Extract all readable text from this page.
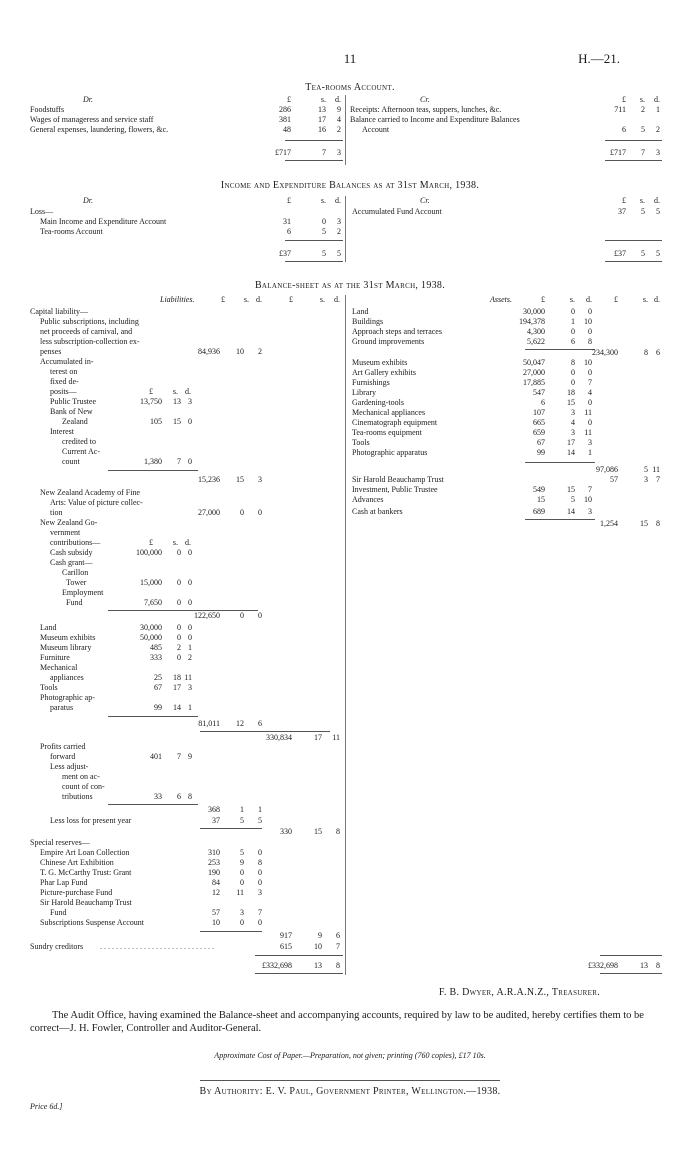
11	H.—21.
Tea-rooms Account.
Dr.	£	s. d.	Cr.	£ s. d.
Foodstuffs	286	13 9
Wages of manageress and service staff	381	17 4
General expenses, laundering, flowers, &c.	48	16 2
Receipts: Afternoon teas, suppers, lunches, &c.	711 2 1
Balance carried to Income and Expenditure Balances
Account	6 5 2
£717	7 3	£717 7 3
Income and Expenditure Balances as at 31st March, 1938.
Dr.	£	s. d.	Cr.	£ s. d.
Loss—
Main Income and Expenditure Account	31	0 3
Tea-rooms Account	6	5 2
Accumulated Fund Account	37 5 5
£37	5 5	£37 5 5
Balance-sheet as at the 31st March, 1938.
Liabilities.	Assets.
£ s. d.	£	s. d.	£	s. d.	£	s. d.
Capital liability—
Public subscriptions, including
net proceeds of carnival, and
less subscription-collection ex-
penses	84,936 10 2
Accumulated in-
terest on
fixed de-
posits—	£ s. d.
Public Trustee	13,750 13 3
Bank of New
Zealand	105 15 0
Interest
credited to
Current Ac-
count	1,380 7 0
15,236 15 3
New Zealand Academy of Fine
Arts: Value of picture collec-
tion	27,000	0 0
New Zealand Go-
vernment
contributions—	£ s. d.
Cash subsidy	100,000 0 0
Cash grant—
Carillon
Tower	15,000 0 0
Employment
Fund	7,650 0 0
122,650	0 0
Land	30,000 0 0
Museum exhibits	50,000 0 0
Museum library	485 2 1
Furniture	333 0 2
Mechanical
appliances	25 18 11
Tools	67 17 3
Photographic ap-
paratus	99 14 1
81,011 12 6
330,834	17 11
Profits carried
forward	401 7 9
Less adjust-
ment on ac-
count of con-
tributions	33 6 8
368	1 1
Less loss for present year	37	5 5
330	15 8
Special reserves—
Empire Art Loan Collection	310	5 0
Chinese Art Exhibition	253	9 8
T. G. McCarthy Trust: Grant	190	0 0
Phar Lap Fund	84	0 0
Picture-purchase Fund	12 11 3
Sir Harold Beauchamp Trust
Fund	57	3 7
Subscriptions Suspense Account	10	0 0
917	9 6
Sundry creditors . . . . . . . . . . . . . . . . . . . . . . . . . . . . .	615	10 7
£332,698	13 8
Land	30,000	0 0
Buildings	194,378	1 10
Approach steps and terraces	4,300	0 0
Ground improvements	5,622	6 8
234,300	8 6
Museum exhibits	50,047	8 10
Art Gallery exhibits	27,000	0 0
Furnishings	17,885	0 7
Library	547	18 4
Gardening-tools	6	15 0
Mechanical appliances	107	3 11
Cinematograph equipment	665	4 0
Tea-rooms equipment	659	3 11
Tools	67	17 3
Photographic apparatus	99	14 1
97,086	5 11
Sir Harold Beauchamp Trust	57	3 7
Investment, Public Trustee	549	15 7
Advances	15	5 10
Cash at bankers	689	14 3
1,254	15 8
£332,698	13 8
F. B. Dwyer, A.R.A.N.Z., Treasurer.
The Audit Office, having examined the Balance-sheet and accompanying accounts, required by law to be audited, hereby certifies them to be correct—J. H. Fowler, Controller and Auditor-General.
Approximate Cost of Paper.—Preparation, not given; printing (760 copies), £17 10s.
By Authority: E. V. Paul, Government Printer, Wellington.—1938.
Price 6d.]
